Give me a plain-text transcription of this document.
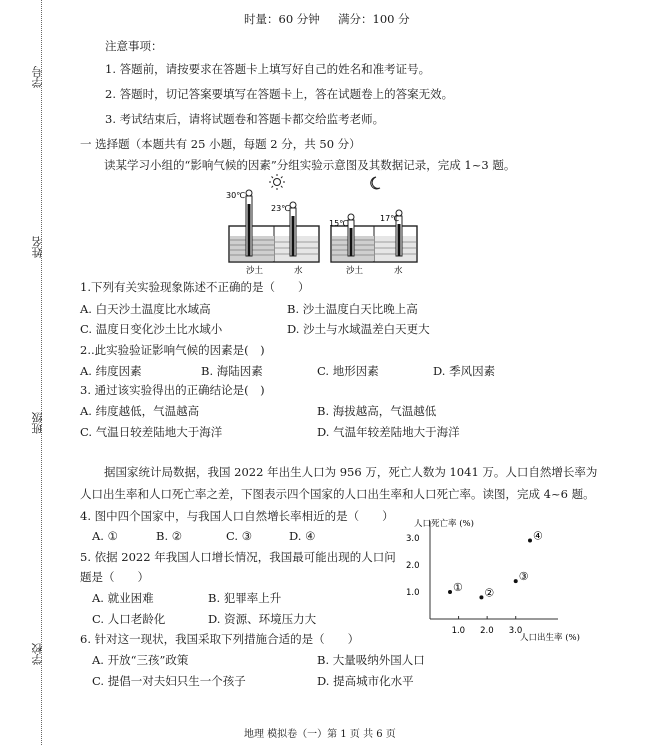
学号
姓名
班级
学校
时量：60 分钟 满分：100 分
注意事项：
1. 答题前，请按要求在答题卡上填写好自己的姓名和准考证号。
2. 答题时，切记答案要填写在答题卡上，答在试题卷上的答案无效。
3. 考试结束后，请将试题卷和答题卡都交给监考老师。
一 选择题（本题共有 25 小题，每题 2 分，共 50 分）
读某学习小组的“影响气候的因素”分组实验示意图及其数据记录，完成 1~3 题。
30℃
23℃
15℃
17℃
沙土	水	沙土	水
1.下列有关实验现象陈述不正确的是（　　）
A. 白天沙土温度比水域高	B. 沙土温度白天比晚上高
C. 温度日变化沙土比水域小	D. 沙土与水域温差白天更大
2..此实验验证影响气候的因素是(　)
A. 纬度因素	B. 海陆因素	C. 地形因素	D. 季风因素
3. 通过该实验得出的正确结论是(　)
A. 纬度越低，气温越高	B. 海拔越高，气温越低
C. 气温日较差陆地大于海洋	D. 气温年较差陆地大于海洋
据国家统计局数据，我国 2022 年出生人口为 956 万，死亡人数为 1041 万。人口自然增长率为
人口出生率和人口死亡率之差，下图表示四个国家的人口出生率和人口死亡率。读图，完成 4~6 题。
4. 图中四个国家中，与我国人口自然增长率相近的是（　　）
A. ①	B. ②	C. ③	D. ④
5. 依据 2022 年我国人口增长情况，我国最可能出现的人口问
题是（　　）
A. 就业困难	B. 犯罪率上升
C. 人口老龄化	D. 资源、环境压力大
6. 针对这一现状，我国采取下列措施合适的是（　　）
A. 开放“三孩”政策	B. 大量吸纳外国人口
C. 提倡一对夫妇只生一个孩子	D. 提高城市化水平
1.0 2.0 3.0
1.0
2.0
3.0
① ②
③
④
人口死亡率 (%)
人口出生率 (%)
地理 模拟卷（一）第 1 页 共 6 页
